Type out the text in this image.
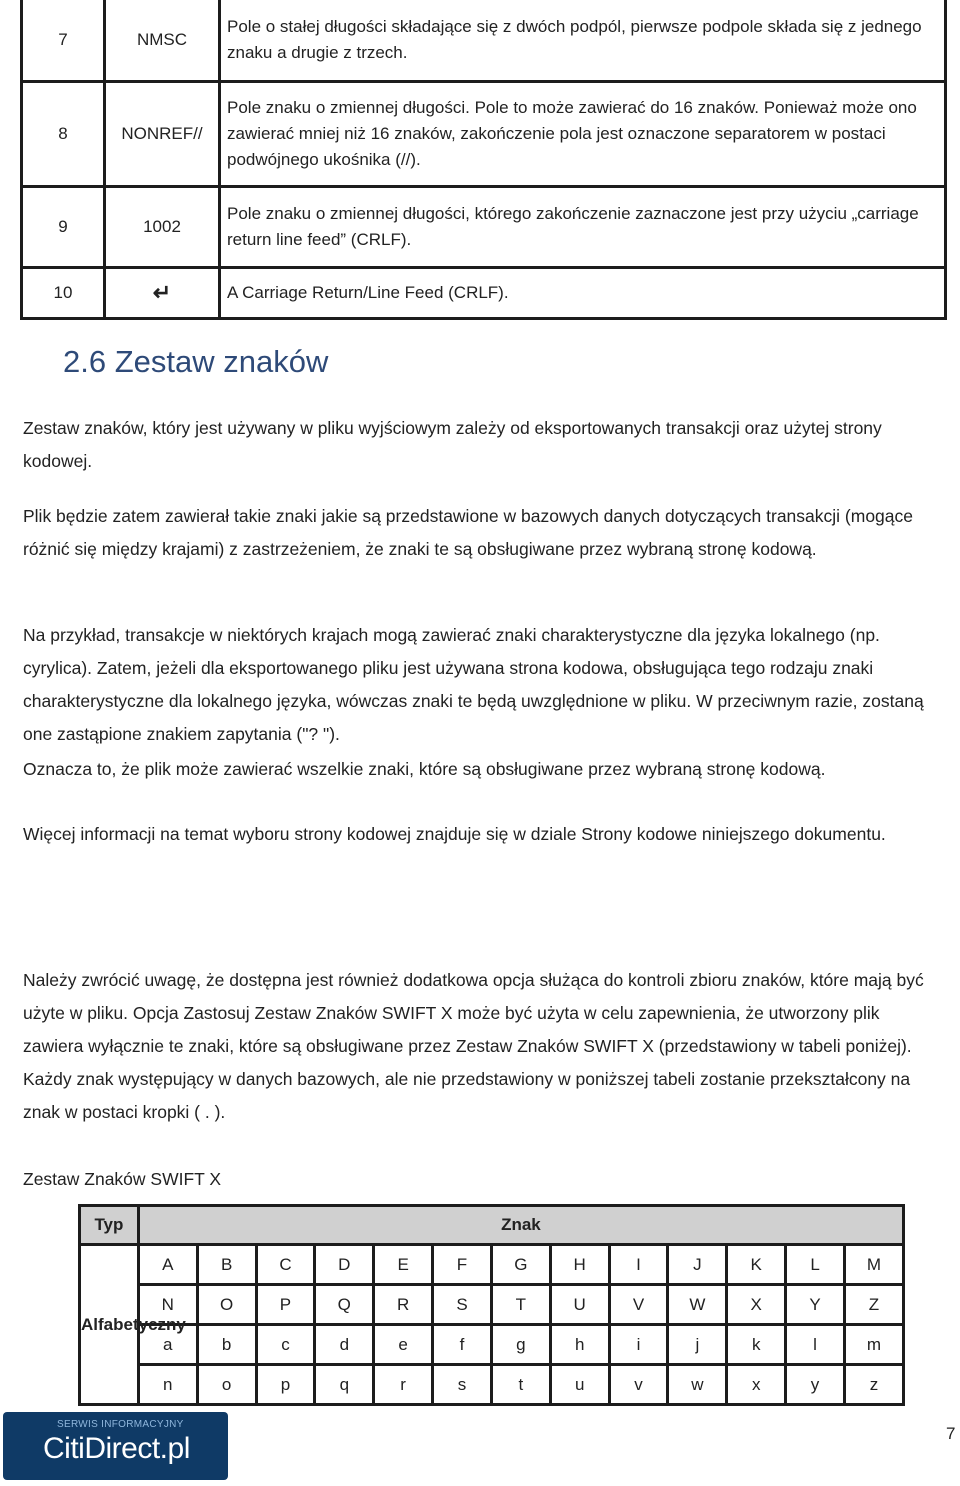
7	NMSC	Pole o stałej długości składające się z dwóch podpól, pierwsze podpole składa się z jednego znaku a drugie z trzech.
8	NONREF//	Pole znaku o zmiennej długości. Pole to może zawierać do 16 znaków. Ponieważ może ono zawierać mniej niż 16 znaków, zakończenie pola jest oznaczone separatorem w postaci podwójnego ukośnika (//).
9	1002	Pole znaku o zmiennej długości, którego zakończenie zaznaczone jest przy użyciu „carriage return line feed” (CRLF).
10	↵	A Carriage Return/Line Feed (CRLF).
2.6 Zestaw znaków

Zestaw znaków, który jest używany w pliku wyjściowym zależy od eksportowanych transakcji oraz użytej strony kodowej.

Plik będzie zatem zawierał takie znaki jakie są przedstawione w bazowych danych dotyczących transakcji (mogące różnić się między krajami) z zastrzeżeniem, że znaki te są obsługiwane przez wybraną stronę kodową.

Na przykład, transakcje w niektórych krajach mogą zawierać znaki charakterystyczne dla języka lokalnego (np. cyrylica). Zatem, jeżeli dla eksportowanego pliku jest używana strona kodowa, obsługująca tego rodzaju znaki charakterystyczne dla lokalnego języka, wówczas znaki te będą uwzględnione w pliku. W przeciwnym razie, zostaną one zastąpione znakiem zapytania ("? ").

Oznacza to, że plik może zawierać wszelkie znaki, które są obsługiwane przez wybraną stronę kodową.

Więcej informacji na temat wyboru strony kodowej znajduje się w dziale Strony kodowe niniejszego dokumentu.

Należy zwrócić uwagę, że dostępna jest również dodatkowa opcja służąca do kontroli zbioru znaków, które mają być użyte w pliku. Opcja Zastosuj Zestaw Znaków SWIFT X może być użyta w celu zapewnienia, że utworzony plik zawiera wyłącznie te znaki, które są obsługiwane przez Zestaw Znaków SWIFT X (przedstawiony w tabeli poniżej). Każdy znak występujący w danych bazowych, ale nie przedstawiony w poniższej tabeli zostanie przekształcony na znak w postaci kropki ( . ).

Zestaw Znaków SWIFT X

Typ	Znak												
Alfabetyczny	A	B	C	D	E	F	G	H	I	J	K	L	M
	N	O	P	Q	R	S	T	U	V	W	X	Y	Z
	a	b	c	d	e	f	g	h	i	j	k	l	m
	n	o	p	q	r	s	t	u	v	w	x	y	z
SERWIS INFORMACYJNY
CitiDirect.pl	7
